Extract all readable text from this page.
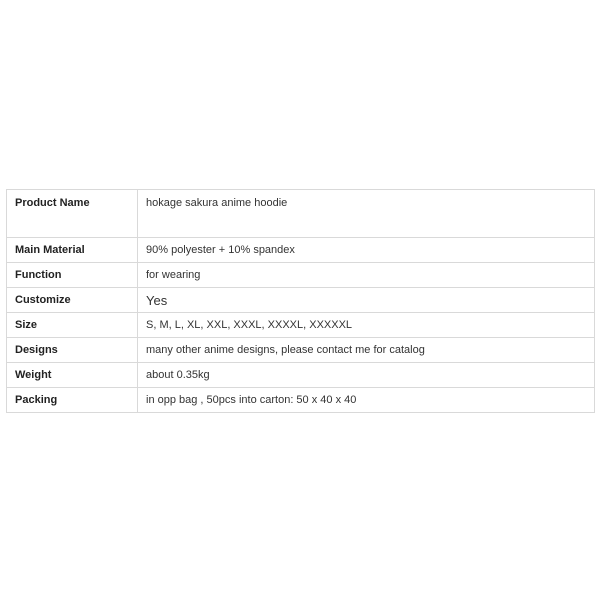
Product Name	hokage sakura anime hoodie
Main Material	90% polyester + 10% spandex
Function	for wearing
Customize	Yes
Size	S, M, L, XL, XXL, XXXL, XXXXL, XXXXXL
Designs	many other anime designs, please contact me for catalog
Weight	about 0.35kg
Packing	in opp bag , 50pcs into carton: 50 x 40 x 40
